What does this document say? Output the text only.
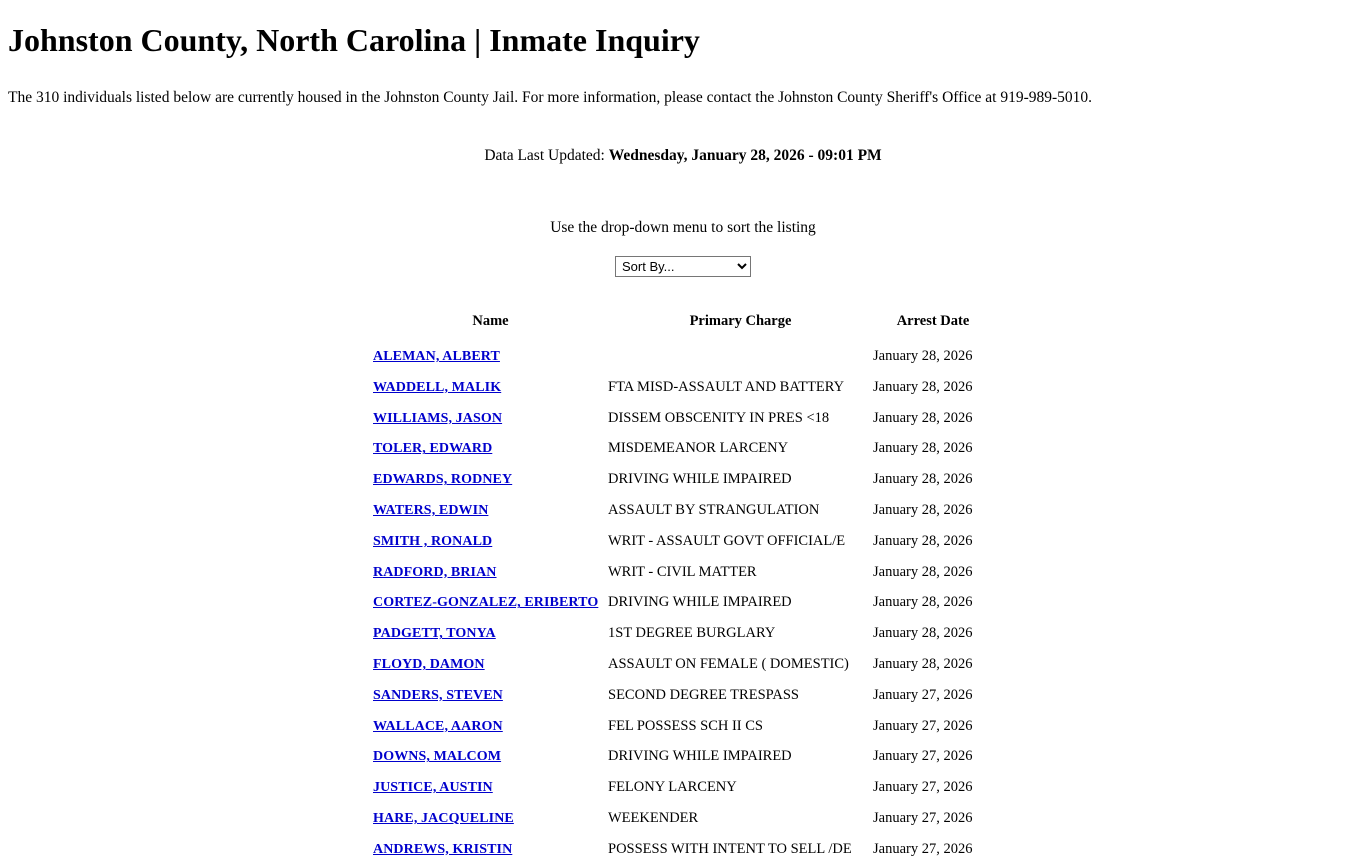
Johnston County, North Carolina | Inmate Inquiry

The 310 individuals listed below are currently housed in the Johnston County Jail. For more information, please contact the Johnston County Sheriff's Office at 919-989-5010.

Data Last Updated: Wednesday, January 28, 2026 - 09:01 PM

Use the drop-down menu to sort the listing

Sort By...
Name	Primary Charge	Arrest Date
ALEMAN, ALBERT		January 28, 2026
WADDELL, MALIK	FTA MISD-ASSAULT AND BATTERY	January 28, 2026
WILLIAMS, JASON	DISSEM OBSCENITY IN PRES <18	January 28, 2026
TOLER, EDWARD	MISDEMEANOR LARCENY	January 28, 2026
EDWARDS, RODNEY	DRIVING WHILE IMPAIRED	January 28, 2026
WATERS, EDWIN	ASSAULT BY STRANGULATION	January 28, 2026
SMITH , RONALD	WRIT - ASSAULT GOVT OFFICIAL/E	January 28, 2026
RADFORD, BRIAN	WRIT - CIVIL MATTER	January 28, 2026
CORTEZ-GONZALEZ, ERIBERTO	DRIVING WHILE IMPAIRED	January 28, 2026
PADGETT, TONYA	1ST DEGREE BURGLARY	January 28, 2026
FLOYD, DAMON	ASSAULT ON FEMALE ( DOMESTIC)	January 28, 2026
SANDERS, STEVEN	SECOND DEGREE TRESPASS	January 27, 2026
WALLACE, AARON	FEL POSSESS SCH II CS	January 27, 2026
DOWNS, MALCOM	DRIVING WHILE IMPAIRED	January 27, 2026
JUSTICE, AUSTIN	FELONY LARCENY	January 27, 2026
HARE, JACQUELINE	WEEKENDER	January 27, 2026
ANDREWS, KRISTIN	POSSESS WITH INTENT TO SELL /DE	January 27, 2026
